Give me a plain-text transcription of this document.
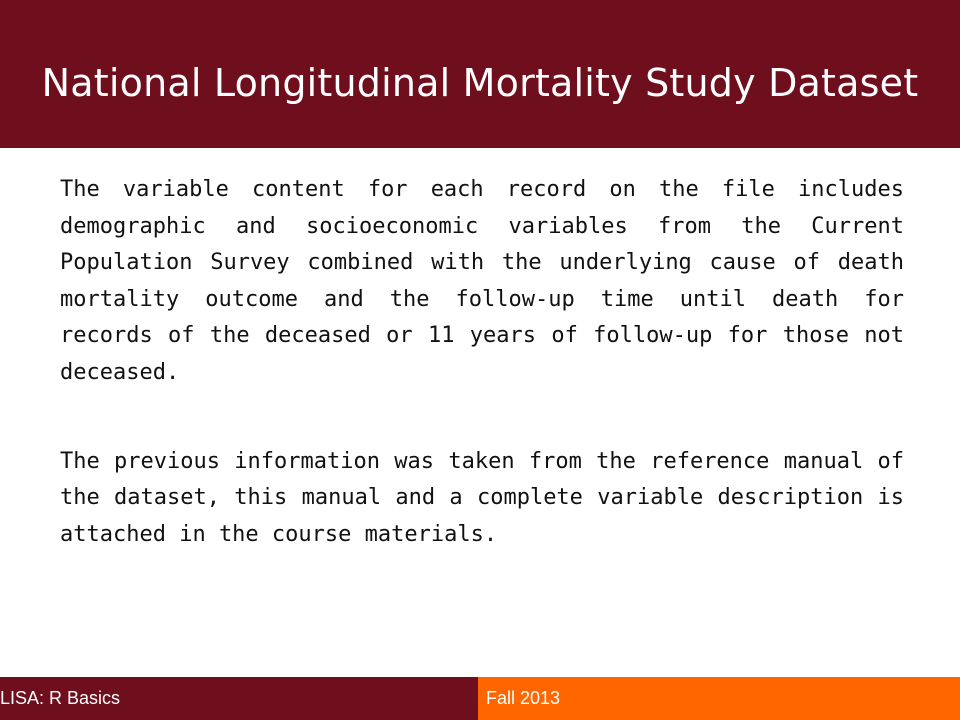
National Longitudinal Mortality Study Dataset

The variable content for each record on the file includes demographic and socioeconomic variables from the Current Population Survey combined with the underlying cause of death mortality outcome and the follow-up time until death for records of the deceased or 11 years of follow-up for those not deceased.

The previous information was taken from the reference manual of the dataset, this manual and a complete variable description is attached in the course materials.

LISA: R Basics	Fall 2013
